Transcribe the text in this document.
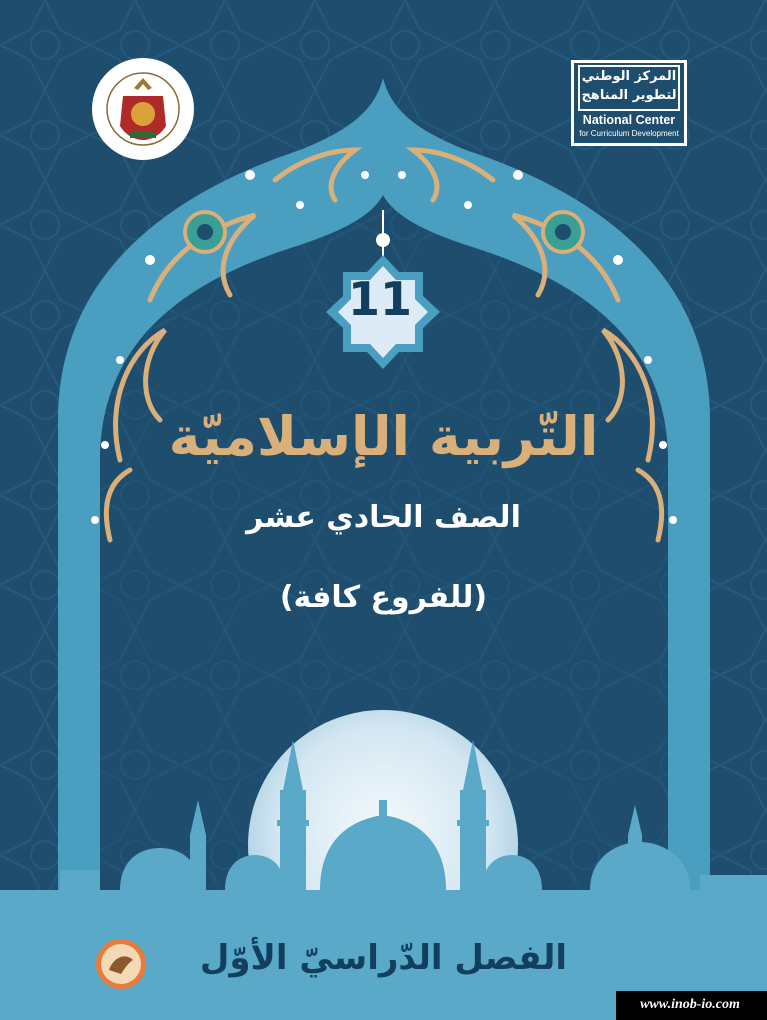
المركز الوطني لتطوير المناهج
National Center
for Curriculum Development
11
التّربية الإسلاميّة
الصف الحادي عشر
(للفروع كافة)
الفصل الدّراسيّ الأوّل
www.inob-io.com
